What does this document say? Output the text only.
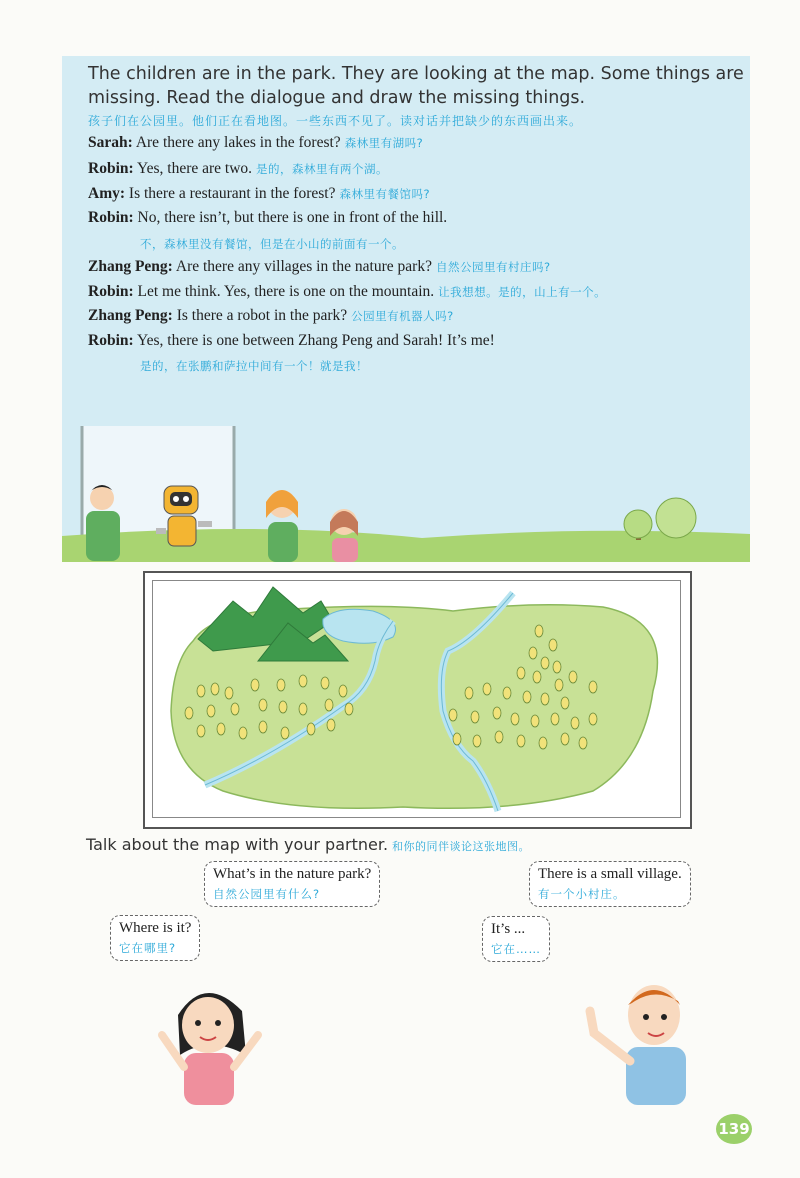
The children are in the park. They are looking at the map. Some things are missing. Read the dialogue and draw the missing things.
孩子们在公园里。他们正在看地图。一些东西不见了。读对话并把缺少的东西画出来。
Sarah: Are there any lakes in the forest? 森林里有湖吗?
Robin: Yes, there are two. 是的，森林里有两个湖。
Amy: Is there a restaurant in the forest? 森林里有餐馆吗?
Robin: No, there isn’t, but there is one in front of the hill.
不，森林里没有餐馆，但是在小山的前面有一个。
Zhang Peng: Are there any villages in the nature park? 自然公园里有村庄吗?
Robin: Let me think. Yes, there is one on the mountain. 让我想想。是的，山上有一个。
Zhang Peng: Is there a robot in the park? 公园里有机器人吗?
Robin: Yes, there is one between Zhang Peng and Sarah! It’s me!
是的，在张鹏和萨拉中间有一个！就是我！
Talk about the map with your partner. 和你的同伴谈论这张地图。
What’s in the nature park?
自然公园里有什么?
Where is it?
它在哪里?
There is a small village.
有一个小村庄。
It’s ...
它在……
139
